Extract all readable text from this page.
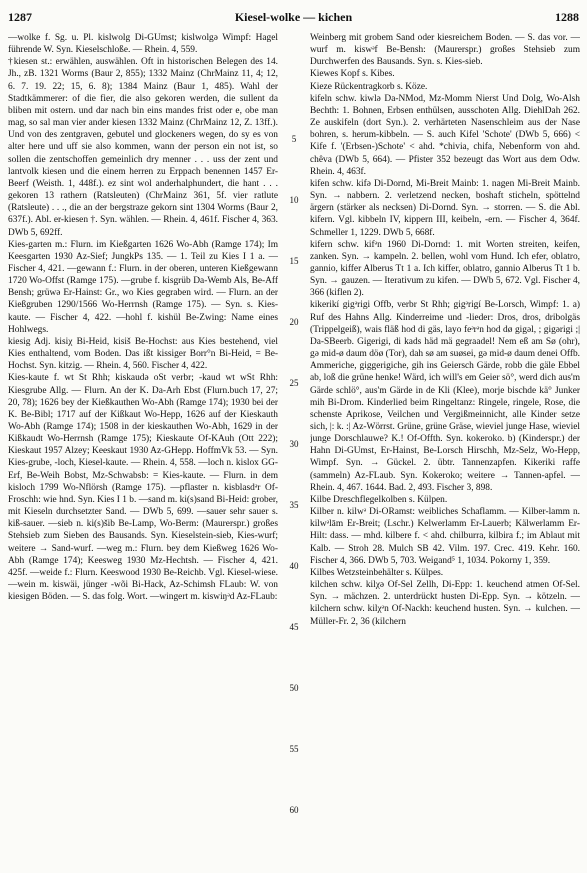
1287	Kiesel-wolke — kichen	1288

—wolke f. Sg. u. Pl. kislwolg Di-GUmst; kislwolgə Wimpf: Hagel führende W. Syn. Kieselschloße. — Rhein. 4, 559.

†kiesen st.: erwählen, auswählen. Oft in historischen Belegen des 14. Jh., zB. 1321 Worms (Baur 2, 855); 1332 Mainz (ChrMainz 11, 4; 12, 6. 7. 19. 22; 15, 6. 8); 1384 Mainz (Baur 1, 485). Wahl der Stadtkämmerer: of die fier, die also gekoren werden, die sullent da bliben mit ostern. und dar nach bin eins mandes frist oder e, obe man mag, so sal man vier ander kiesen 1332 Mainz (ChrMainz 12, Z. 13ff.). Und von des zentgraven, gebutel und glockeners wegen, do sy es von alter here und uff sie also kommen, wann der person ein not ist, so sollen die zentschoffen gemeinlich dry menner . . . uss der zent und lantvolk kiesen und die einem herren zu Erppach benennen 1457 Er-Beerf (Weisth. 1, 448f.). ez sint wol anderhalphundert, die hant . . . gekoren 13 rathern (Ratsleuten) (ChrMainz 361, 5f. vier ratlute (Ratsleute) . . ., die an der bergstraze gekorn sint 1304 Worms (Baur 2, 637f.). Abl. er-kiesen †. Syn. wählen. — Rhein. 4, 461f. Fischer 4, 363. DWb 5, 692ff.

Kies-garten m.: Flurn. im Kießgarten 1626 Wo-Abh (Ramge 174); Im Keesgarten 1930 Az-Sief; JungkPs 135. — 1. Teil zu Kies I 1 a. — Fischer 4, 421. —gewann f.: Flurn. in der oberen, unteren Kießgewann 1720 Wo-Offst (Ramge 175). —grube f. kisgrüb Da-Wemb Als, Be-Aff Bensh; grüwə Er-Hainst: Gr., wo Kies gegraben wird. — Flurn. an der Kießgruben 1290/1566 Wo-Herrnsh (Ramge 175). — Syn. s. Kies-kaute. — Fischer 4, 422. —hohl f. kishül Be-Zwing: Name eines Hohlwegs.

kiesig Adj. kisiχ Bi-Heid, kisiš Be-Hochst: aus Kies bestehend, viel Kies enthaltend, vom Boden. Das ißt kissiger Borr°n Bi-Heid, = Be-Hochst. Syn. kitzig. — Rhein. 4, 560. Fischer 4, 422.

Kies-kaute f. wt St Rhh; kiskaudə oSt verbr; -kaud wt wSt Rhh: Kiesgrube Allg. — Flurn. An der K. Da-Arh Ebst (Flurn.buch 17, 27; 20, 78); 1626 bey der Kießkauthen Wo-Abh (Ramge 174); 1930 bei der K. Be-Bibl; 1717 auf der Kißkaut Wo-Hepp, 1626 auf der Kieskauth Wo-Abh (Ramge 174); 1508 in der kieskauthen Wo-Abh, 1629 in der Kißkaudt Wo-Herrnsh (Ramge 175); Kieskaute Of-KAuh (Ott 222); Kieskaut 1957 Alzey; Keeskaut 1930 Az-GHepp. HoffmVk 53. — Syn. Kies-grube, -loch, Kiesel-kaute. — Rhein. 4, 558. —loch n. kislox GG-Erf, Be-Weih Bobst, Mz-Schwabsb: = Kies-kaute. — Flurn. in dem kisloch 1799 Wo-Nflörsh (Ramge 175). —pflaster n. kisblasdᵊr Of-Froschh: wie hnd. Syn. Kies I 1 b. —sand m. ki(s)sand Bi-Heid: grober, mit Kieseln durchsetzter Sand. — DWb 5, 699. —sauer sehr sauer s. kiß-sauer. —sieb n. ki(s)šib Be-Lamp, Wo-Berm: (Maurerspr.) großes Stehsieb zum Sieben des Bausands. Syn. Kieselstein-sieb, Kies-wurf; weitere → Sand-wurf. —weg m.: Flurn. bey dem Kießweg 1626 Wo-Abh (Ramge 174); Keesweg 1930 Mz-Hechtsh. — Fischer 4, 421. 425f. —weide f.: Flurn. Keeswood 1930 Be-Reichb. Vgl. Kiesel-wiese. —wein m. kiswäi, jünger -wõi Bi-Hack, Az-Schimsh FLaub: W. von kiesigen Böden. — S. das folg. Wort. —wingert m. kiswiŋᵊd Az-FLaub:

5
10
15
20
25
30
35
40
45
50
55
60

Weinberg mit grobem Sand oder kiesreichem Boden. — S. das vor. —wurf m. kiswᵊf Be-Bensh: (Maurerspr.) großes Stehsieb zum Durchwerfen des Bausands. Syn. s. Kies-sieb.

Kiewes Kopf s. Kibes.

Kieze Rückentragkorb s. Köze.

kifeln schw. kiwlə Da-NMod, Mz-Momm Nierst Und Dolg, Wo-Alsh Bechth: 1. Bohnen, Erbsen enthülsen, ausschoten Allg. DiehlDah 262. Ze auskifeln (dort Syn.). 2. verhärteten Nasenschleim aus der Nase bohren, s. herum-kibbeln. — S. auch Kifel 'Schote' (DWb 5, 666) < Kife f. '(Erbsen-)Schote' < ahd. *chivia, chifa, Nebenform von ahd. chêva (DWb 5, 664). — Pfister 352 bezeugt das Wort aus dem Odw. Rhein. 4, 463f.

kifen schw. kifə Di-Dornd, Mi-Breit Mainb: 1. nagen Mi-Breit Mainb. Syn. → nabbern. 2. verletzend necken, boshaft sticheln, spöttelnd ärgern (stärker als necksen) Di-Dornd. Syn. → storren. — S. die Abl. kifern. Vgl. kibbeln IV, kippern III, keibeln, -ern. — Fischer 4, 364f. Schmeller 1, 1229. DWb 5, 668f.

kifern schw. kifᵊn 1960 Di-Dornd: 1. mit Worten streiten, keifen, zanken. Syn. → kampeln. 2. bellen, wohl vom Hund. Ich efer, oblatro, gannio, kiffer Alberus Tt 1 a. Ich kiffer, oblatro, gannio Alberus Tt 1 b. Syn. → gauzen. — Iterativum zu kifen. — DWb 5, 672. Vgl. Fischer 4, 366 (kiflen 2).

kikerikí gigᵊrigi Offb, verbr St Rhh; gigᵊrigí Be-Lorsch, Wimpf: 1. a) Ruf des Hahns Allg. Kinderreime und -lieder: Dros, dros, dribolgäs (Trippelgeiß), wais fläß hod di gäs, layo feᵊrᵊn hod dø gigəl, ; gigərigi ;| Da-SBeerb. Gigerigi, di kads häd mä gegraadel! Nem eß am Sø (ohr), gə mid-ø daum döø (Tor), dah sø am suøsei, gə mid-ø daum denei Offb. Ammeriche, giggerigiche, gih ins Geiersch Gärde, robb die gäle Ebbel ab, loß die grüne henke! Wärd, ich will's em Geier sö°, werd dich aus'm Gärde schlö°, aus'm Gärde in de Kli (Klee), morje bischde kä° Junker mih Bi-Drom. Kinderlied beim Ringeltanz: Ringele, ringele, Rose, die schenste Aprikose, Veilchen und Vergißmeinnicht, alle Kinder setze sich, |: k. :| Az-Wörrst. Grüne, grüne Gräse, wieviel junge Hase, wieviel junge Dorschlauwe? K.! Of-Offth. Syn. kokeroko. b) (Kinderspr.) der Hahn Di-GUmst, Er-Hainst, Be-Lorsch Hirschh, Mz-Selz, Wo-Hepp, Wimpf. Syn. → Gückel. 2. übtr. Tannenzapfen. Kikeriki raffe (sammeln) Az-FLaub. Syn. Kokeroko; weitere → Tannen-apfel. — Rhein. 4, 467. 1644. Bad. 2, 493. Fischer 3, 898.

Kilbe Dreschflegelkolben s. Külpen.

Kilber n. kilwᵊ Di-ORamst: weibliches Schaflamm. — Kilber-lamm n. kilwᵊlām Er-Breit; (Lschr.) Kelwerlamm Er-Lauerb; Kälwerlamm Er-Hilt: dass. — mhd. kilbere f. < ahd. chilburra, kilbira f.; im Ablaut mit Kalb. — Stroh 28. Mulch SB 42. Vilm. 197. Crec. 419. Kehr. 160. Fischer 4, 366. DWb 5, 703. Weigand⁵ 1, 1034. Pokorny 1, 359.

Kilbes Wetzsteinbehälter s. Külpes.

kilchen schw. kilχə Of-Sel Zellh, Di-Epp: 1. keuchend atmen Of-Sel. Syn. → mächzen. 2. unterdrückt husten Di-Epp. Syn. → kötzeln. — kilchern schw. kilχᵊn Of-Nackh: keuchend husten. Syn. → kulchen. — Müller-Fr. 2, 36 (kilchern
